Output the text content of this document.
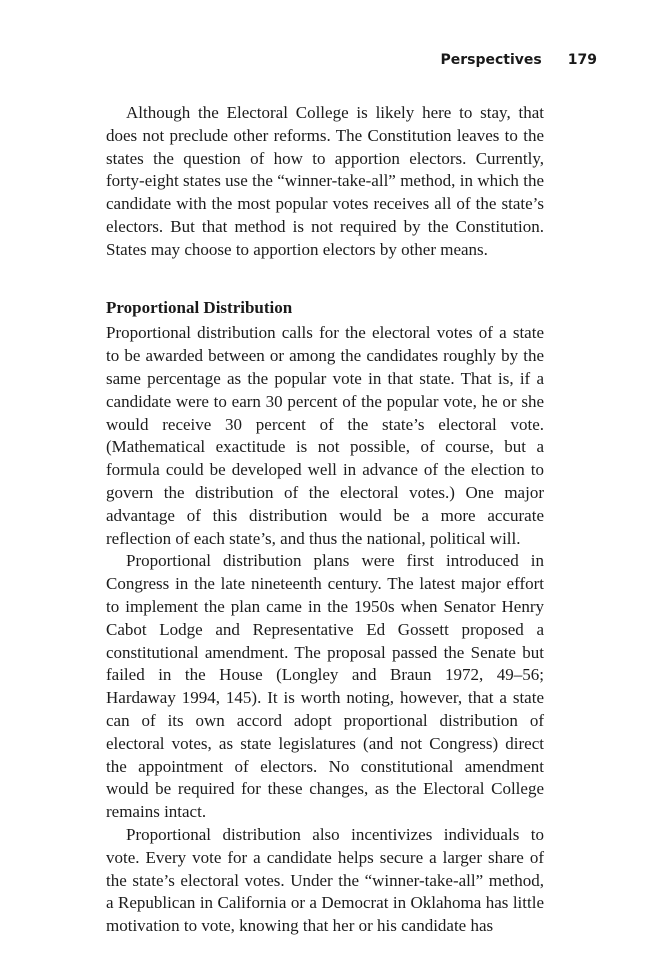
Perspectives 179

Although the Electoral College is likely here to stay, that does not preclude other reforms. The Constitution leaves to the states the question of how to apportion electors. Currently, forty-eight states use the “winner-take-all” method, in which the candidate with the most popular votes receives all of the state’s electors. But that method is not required by the Constitution. States may choose to apportion electors by other means.

Proportional Distribution

Proportional distribution calls for the electoral votes of a state to be awarded between or among the candidates roughly by the same percentage as the popular vote in that state. That is, if a candidate were to earn 30 percent of the popular vote, he or she would receive 30 percent of the state’s electoral vote. (Mathematical exactitude is not possible, of course, but a formula could be developed well in advance of the election to govern the distribution of the electoral votes.) One major advantage of this distribution would be a more accurate reflection of each state’s, and thus the national, political will.

Proportional distribution plans were first introduced in Congress in the late nineteenth century. The latest major effort to implement the plan came in the 1950s when Senator Henry Cabot Lodge and Representative Ed Gossett proposed a constitutional amendment. The proposal passed the Senate but failed in the House (Longley and Braun 1972, 49–56; Hardaway 1994, 145). It is worth noting, however, that a state can of its own accord adopt proportional distribution of electoral votes, as state legislatures (and not Congress) direct the appointment of electors. No constitutional amendment would be required for these changes, as the Electoral College remains intact.

Proportional distribution also incentivizes individuals to vote. Every vote for a candidate helps secure a larger share of the state’s electoral votes. Under the “winner-take-all” method, a Republican in California or a Democrat in Oklahoma has little motivation to vote, knowing that her or his candidate has
